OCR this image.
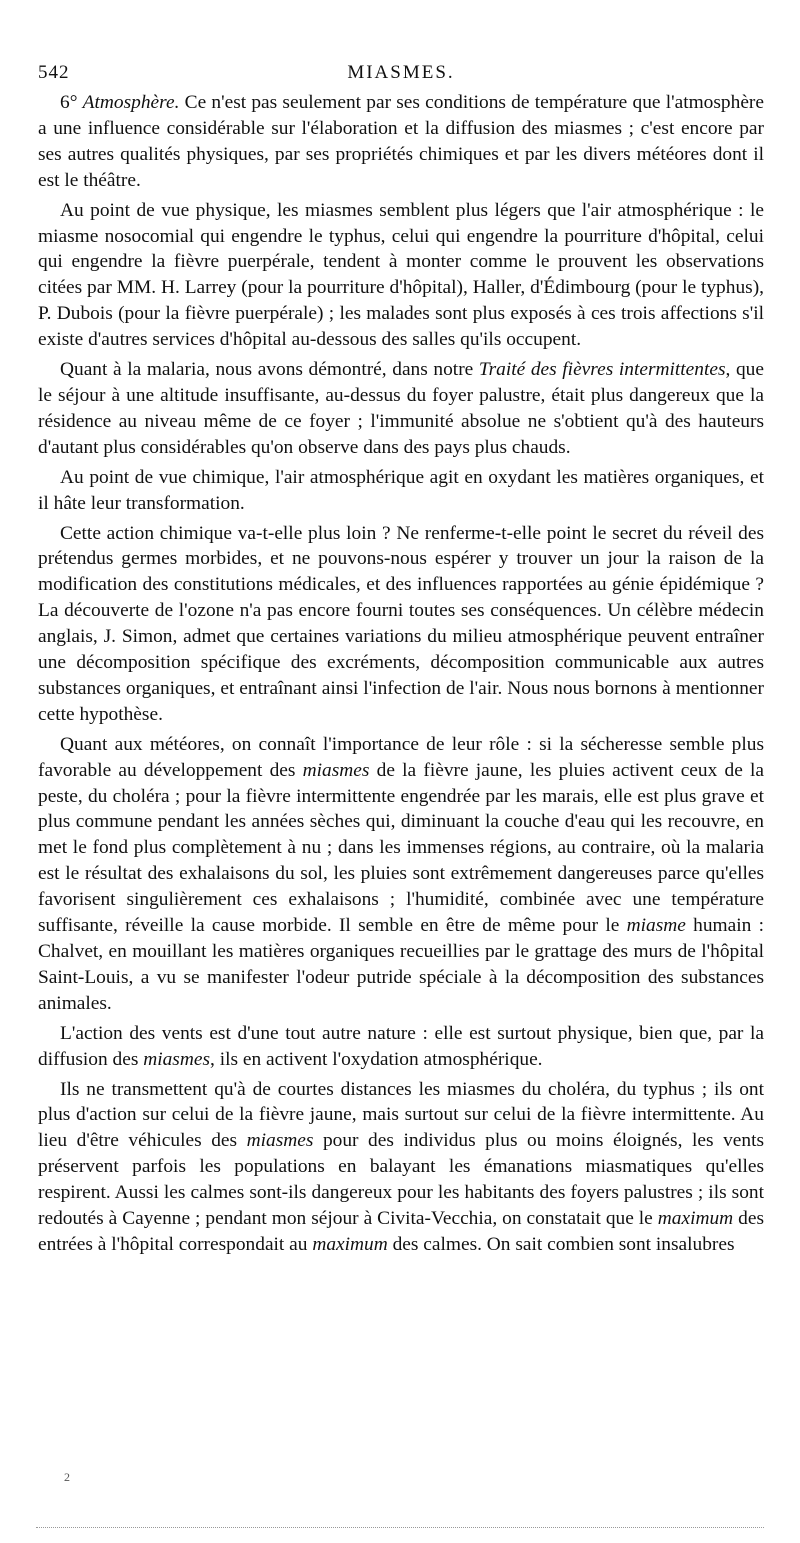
542	MIASMES.

6° Atmosphère. Ce n'est pas seulement par ses conditions de température que l'atmosphère a une influence considérable sur l'élaboration et la diffusion des miasmes ; c'est encore par ses autres qualités physiques, par ses propriétés chimiques et par les divers météores dont il est le théâtre.

Au point de vue physique, les miasmes semblent plus légers que l'air atmosphérique : le miasme nosocomial qui engendre le typhus, celui qui engendre la pourriture d'hôpital, celui qui engendre la fièvre puerpérale, tendent à monter comme le prouvent les observations citées par MM. H. Larrey (pour la pourriture d'hôpital), Haller, d'Édimbourg (pour le typhus), P. Dubois (pour la fièvre puerpérale) ; les malades sont plus exposés à ces trois affections s'il existe d'autres services d'hôpital au-dessous des salles qu'ils occupent.

Quant à la malaria, nous avons démontré, dans notre Traité des fièvres intermittentes, que le séjour à une altitude insuffisante, au-dessus du foyer palustre, était plus dangereux que la résidence au niveau même de ce foyer ; l'immunité absolue ne s'obtient qu'à des hauteurs d'autant plus considérables qu'on observe dans des pays plus chauds.

Au point de vue chimique, l'air atmosphérique agit en oxydant les matières organiques, et il hâte leur transformation.

Cette action chimique va-t-elle plus loin ? Ne renferme-t-elle point le secret du réveil des prétendus germes morbides, et ne pouvons-nous espérer y trouver un jour la raison de la modification des constitutions médicales, et des influences rapportées au génie épidémique ? La découverte de l'ozone n'a pas encore fourni toutes ses conséquences. Un célèbre médecin anglais, J. Simon, admet que certaines variations du milieu atmosphérique peuvent entraîner une décomposition spécifique des excréments, décomposition communicable aux autres substances organiques, et entraînant ainsi l'infection de l'air. Nous nous bornons à mentionner cette hypothèse.

Quant aux météores, on connaît l'importance de leur rôle : si la sécheresse semble plus favorable au développement des miasmes de la fièvre jaune, les pluies activent ceux de la peste, du choléra ; pour la fièvre intermittente engendrée par les marais, elle est plus grave et plus commune pendant les années sèches qui, diminuant la couche d'eau qui les recouvre, en met le fond plus complètement à nu ; dans les immenses régions, au contraire, où la malaria est le résultat des exhalaisons du sol, les pluies sont extrêmement dangereuses parce qu'elles favorisent singulièrement ces exhalaisons ; l'humidité, combinée avec une température suffisante, réveille la cause morbide. Il semble en être de même pour le miasme humain : Chalvet, en mouillant les matières organiques recueillies par le grattage des murs de l'hôpital Saint-Louis, a vu se manifester l'odeur putride spéciale à la décomposition des substances animales.

L'action des vents est d'une tout autre nature : elle est surtout physique, bien que, par la diffusion des miasmes, ils en activent l'oxydation atmosphérique.

Ils ne transmettent qu'à de courtes distances les miasmes du choléra, du typhus ; ils ont plus d'action sur celui de la fièvre jaune, mais surtout sur celui de la fièvre intermittente. Au lieu d'être véhicules des miasmes pour des individus plus ou moins éloignés, les vents préservent parfois les populations en balayant les émanations miasmatiques qu'elles respirent. Aussi les calmes sont-ils dangereux pour les habitants des foyers palustres ; ils sont redoutés à Cayenne ; pendant mon séjour à Civita-Vecchia, on constatait que le maximum des entrées à l'hôpital correspondait au maximum des calmes. On sait combien sont insalubres

2
